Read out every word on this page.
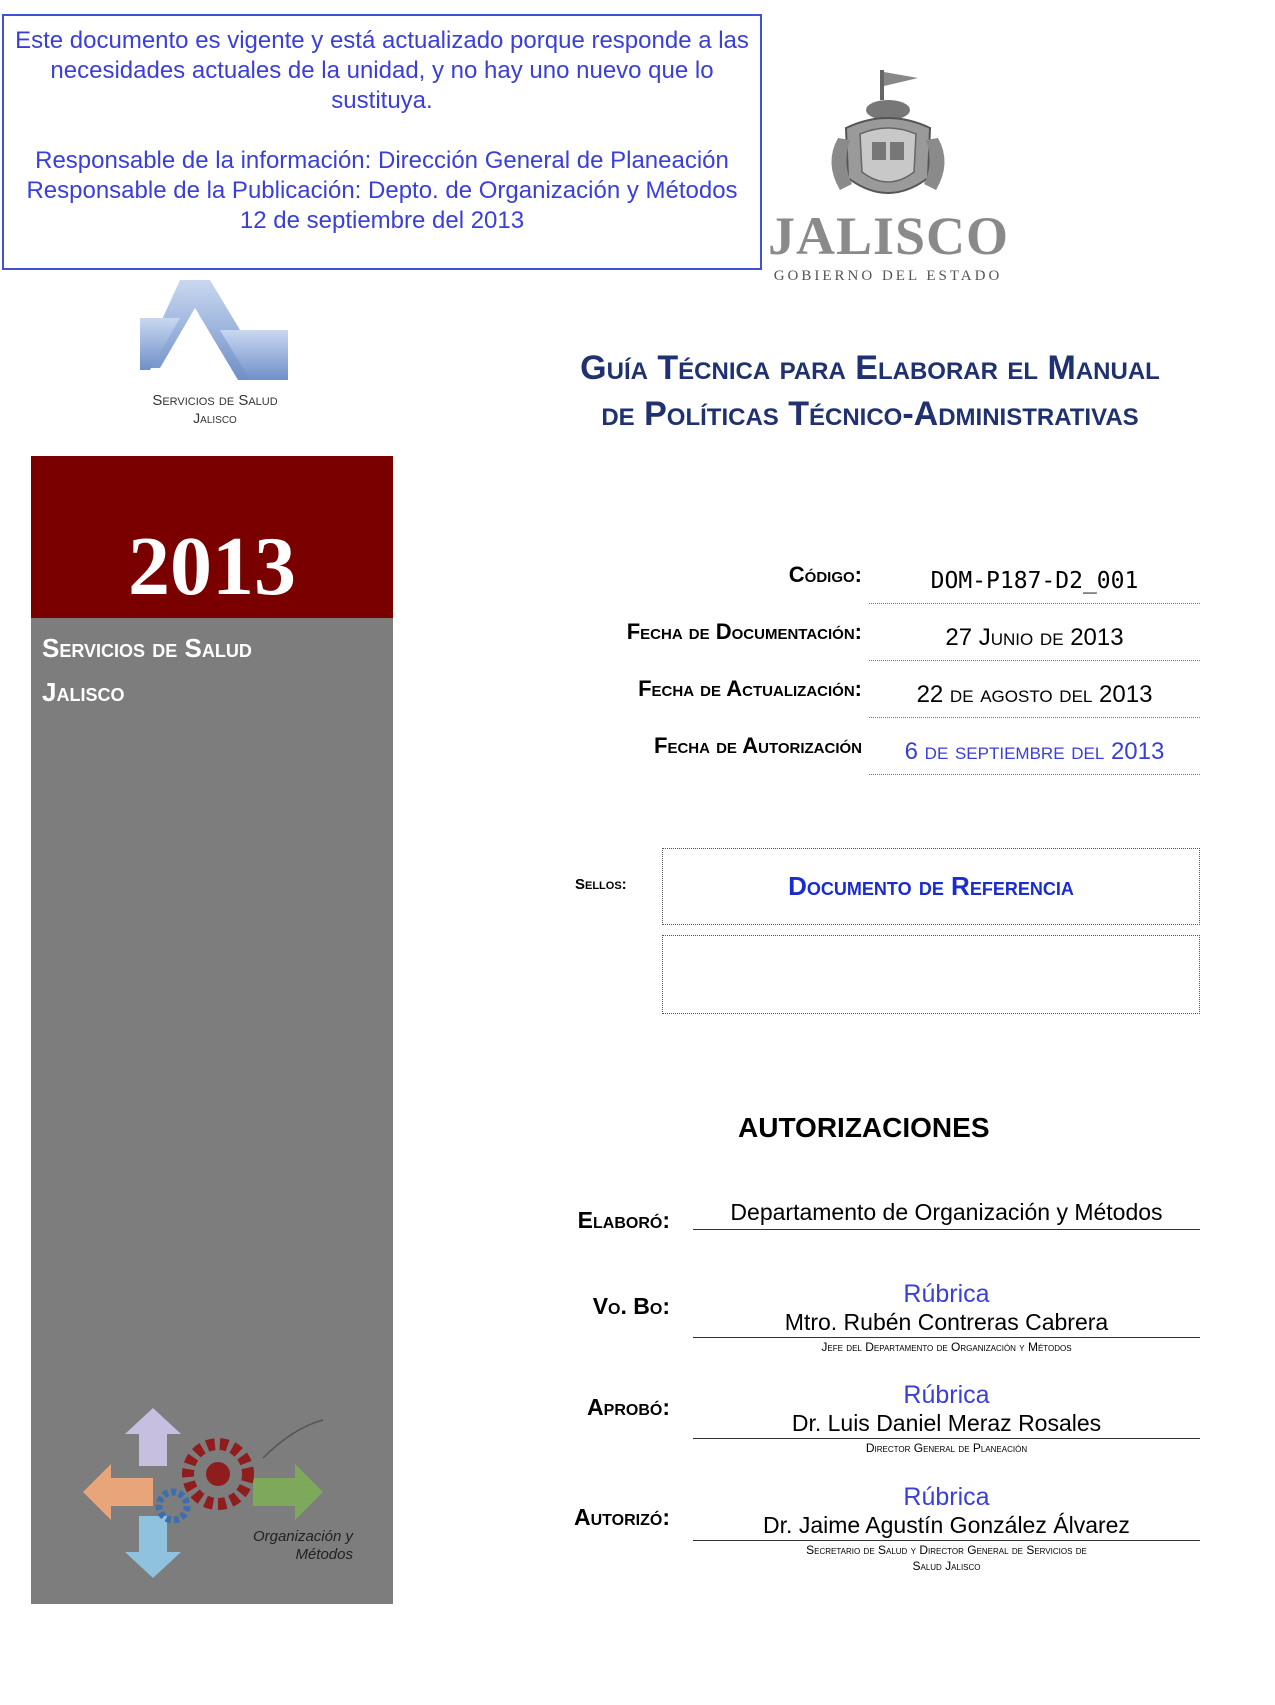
Este documento es vigente y está actualizado porque responde a las necesidades actuales de la unidad, y no hay uno nuevo que lo sustituya.

Responsable de la información: Dirección General de Planeación

Responsable de la Publicación: Depto. de Organización y Métodos

12 de septiembre del 2013	JALISCO
GOBIERNO DEL ESTADO
Servicios de Salud
Jalisco
2013
Servicios de Salud
Jalisco
Organización y
Métodos
Guía Técnica para Elaborar el Manual de Políticas Técnico-Administrativas
Código:	DOM-P187-D2_001
Fecha de Documentación:	27 Junio de 2013
Fecha de Actualización:	22 de agosto del 2013
Fecha de Autorización	6 de septiembre del 2013
Sellos:	Documento de Referencia
AUTORIZACIONES
Elaboró:	Departamento de Organización y Métodos
Vo. Bo:	Rúbrica
Mtro. Rubén Contreras Cabrera
Jefe del Departamento de Organización y Métodos
Aprobó:	Rúbrica
Dr. Luis Daniel Meraz Rosales
Director General de Planeación
Autorizó:
Rúbrica
Dr. Jaime Agustín González Álvarez
Secretario de Salud y Director General de Servicios de
Salud Jalisco
